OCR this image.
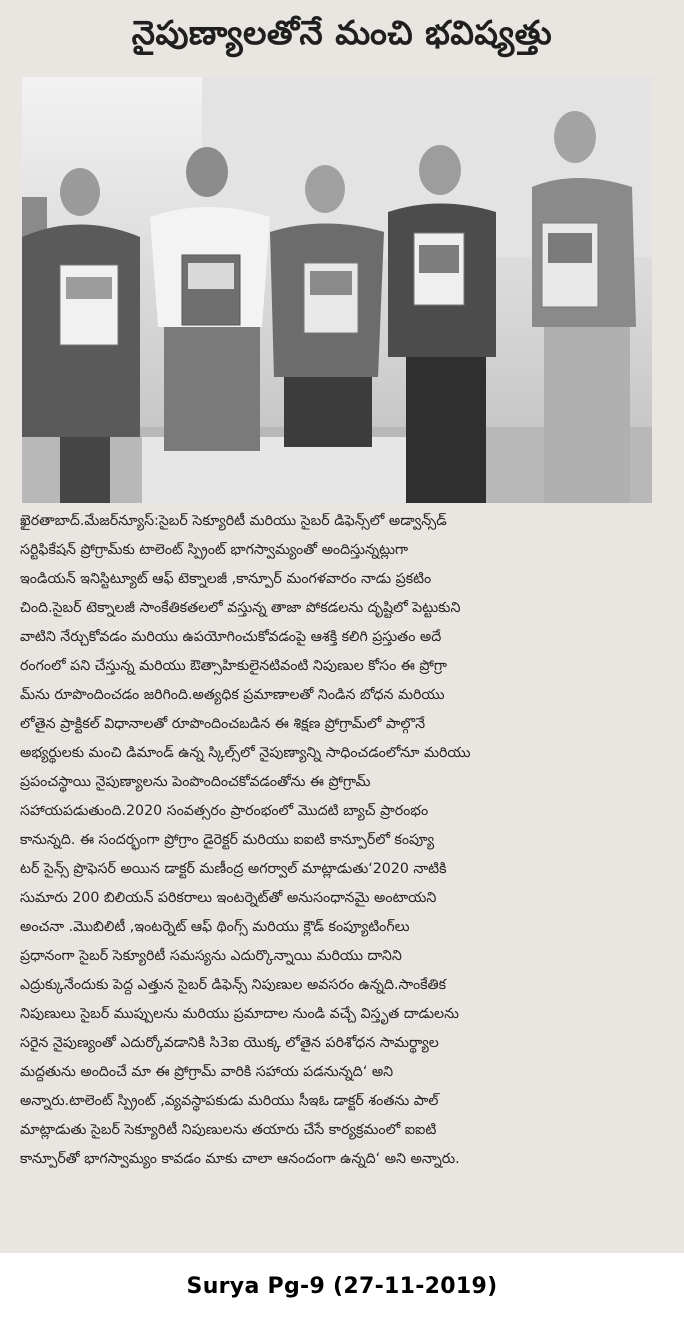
నైపుణ్యాలతోనే మంచి భవిష్యత్తు
ఖైరతాబాద్.మేజర్‌న్యూస్:సైబర్ సెక్యూరిటీ మరియు సైబర్ డిఫెన్స్‌లో అడ్వాన్స్‌డ్
సర్టిఫికేషన్ ప్రోగ్రామ్‌కు టాలెంట్ స్ప్రింట్ భాగస్వామ్యంతో అందిస్తున్నట్లుగా
ఇండియన్ ఇనిస్టిట్యూట్ ఆఫ్ టెక్నాలజీ ,కాన్పూర్ మంగళవారం నాడు ప్రకటిం
చింది.సైబర్ టెక్నాలజీ సాంకేతికతలలో వస్తున్న తాజా పోకడలను దృష్టిలో పెట్టుకుని
వాటిని నేర్చుకోవడం మరియు ఉపయోగించుకోవడంపై ఆశక్తి కలిగి ప్రస్తుతం అదే
రంగంలో పని చేస్తున్న మరియు ఔత్సాహికులైనటివంటి నిపుణుల కోసం ఈ ప్రోగ్రా
మ్‌ను రూపొందించడం జరిగింది.అత్యధిక ప్రమాణాలతో నిండిన బోధన మరియు
లోతైన ప్రాక్టికల్ విధానాలతో రూపొందించబడిన ఈ శిక్షణ ప్రోగ్రామ్‌లో పాల్గొనే
అభ్యర్థులకు మంచి డిమాండ్ ఉన్న స్కిల్స్‌లో నైపుణ్యాన్ని సాధించడంలోనూ మరియు
ప్రపంచస్థాయి నైపుణ్యాలను పెంపొందించకోవడంతోను ఈ ప్రోగ్రామ్
సహాయపడుతుంది.2020 సంవత్సరం ప్రారంభంలో మొదటి బ్యాచ్ ప్రారంభం
కానున్నది. ఈ సందర్భంగా ప్రోగ్రాం డైరెక్టర్ మరియు ఐఐటి కాన్పూర్‌లో కంప్యూ
టర్ సైన్స్ ప్రొఫెసర్ అయిన డాక్టర్ మణీంద్ర అగర్వాల్ మాట్లాడుతు‘2020 నాటికి
సుమారు 200 బిలియన్ పరికరాలు ఇంటర్నెట్‌తో అనుసంధానమై అంటాయని
అంచనా .మొబిలిటీ ,ఇంటర్నెట్ ఆఫ్ థింగ్స్ మరియు క్లౌడ్ కంప్యూటింగ్‌లు
ప్రధానంగా సైబర్ సెక్యూరిటీ సమస్యను ఎదుర్కొన్నాయి మరియు దానిని
ఎద్రుక్కునేందుకు పెద్ద ఎత్తున సైబర్ డిఫెన్స్ నిపుణుల అవసరం ఉన్నది.సాంకేతిక
నిపుణులు సైబర్ ముప్పులను మరియు ప్రమాదాల నుండి వచ్చే విస్తృత దాడులను
సరైన నైపుణ్యంతో ఎదుర్కోవడానికి సి3ఐ యొక్క లోతైన పరిశోధన సామర్థ్యాల
మద్దతును అందించే మా ఈ ప్రోగ్రామ్ వారికి సహాయ పడనున్నది‘ అని
అన్నారు.టాలెంట్ స్ప్రింట్ ,వ్యవస్థాపకుడు మరియు సీఇఓ డాక్టర్ శంతను పాల్
మాట్లాడుతు సైబర్ సెక్యూరిటీ నిపుణులను తయారు చేసే కార్యక్రమంలో ఐఐటి
కాన్పూర్‌తో భాగస్వామ్యం కావడం మాకు చాలా ఆనందంగా ఉన్నది‘ అని అన్నారు.
Surya Pg-9 (27-11-2019)
